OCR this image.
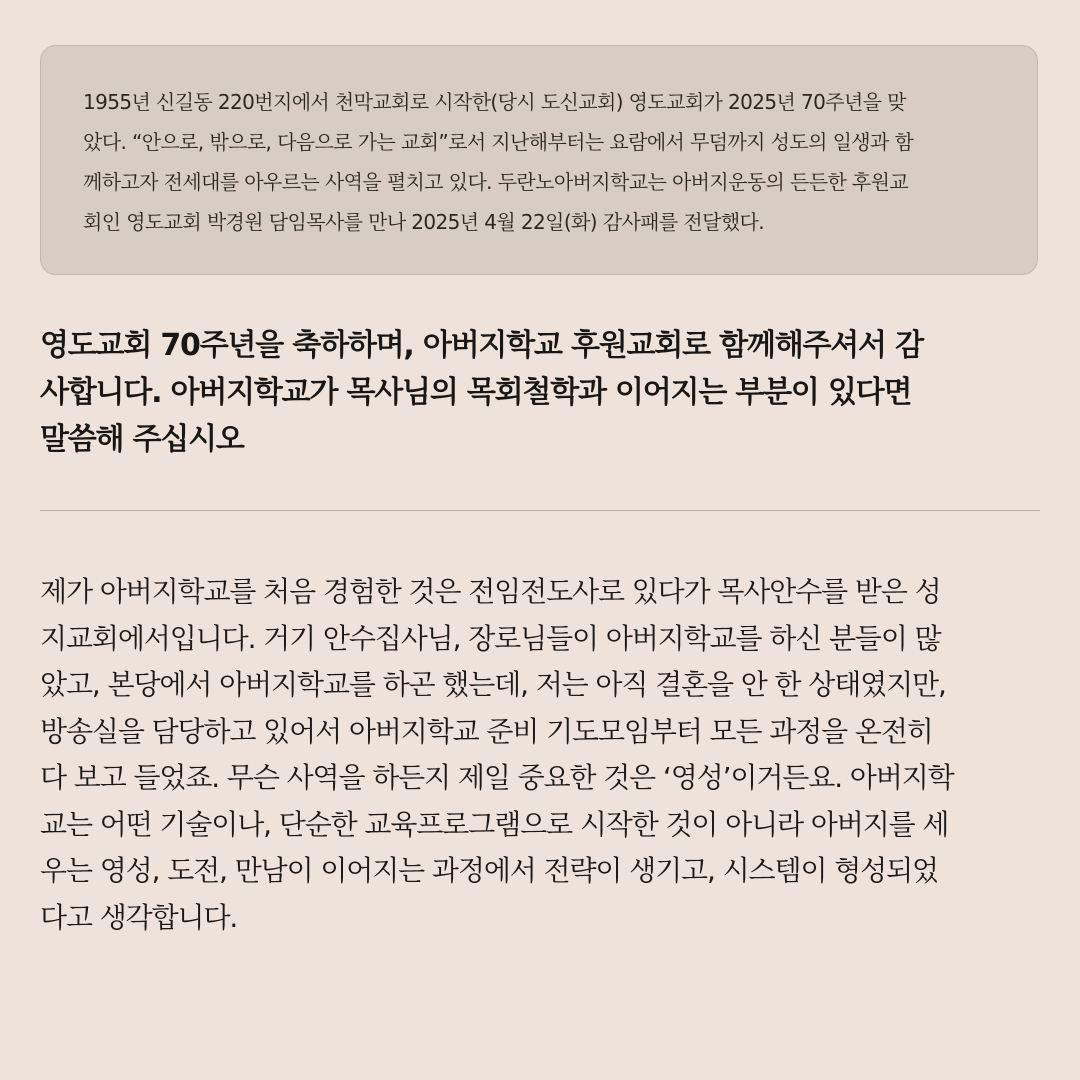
1955년 신길동 220번지에서 천막교회로 시작한(당시 도신교회) 영도교회가 2025년 70주년을 맞
았다. “안으로, 밖으로, 다음으로 가는 교회”로서 지난해부터는 요람에서 무덤까지 성도의 일생과 함
께하고자 전세대를 아우르는 사역을 펼치고 있다. 두란노아버지학교는 아버지운동의 든든한 후원교
회인 영도교회 박경원 담임목사를 만나 2025년 4월 22일(화) 감사패를 전달했다.

영도교회 70주년을 축하하며, 아버지학교 후원교회로 함께해주셔서 감
사합니다. 아버지학교가 목사님의 목회철학과 이어지는 부분이 있다면
말씀해 주십시오

제가 아버지학교를 처음 경험한 것은 전임전도사로 있다가 목사안수를 받은 성
지교회에서입니다. 거기 안수집사님, 장로님들이 아버지학교를 하신 분들이 많
았고, 본당에서 아버지학교를 하곤 했는데, 저는 아직 결혼을 안 한 상태였지만,
방송실을 담당하고 있어서 아버지학교 준비 기도모임부터 모든 과정을 온전히
다 보고 들었죠. 무슨 사역을 하든지 제일 중요한 것은 ‘영성’이거든요. 아버지학
교는 어떤 기술이나, 단순한 교육프로그램으로 시작한 것이 아니라 아버지를 세
우는 영성, 도전, 만남이 이어지는 과정에서 전략이 생기고, 시스템이 형성되었
다고 생각합니다.
